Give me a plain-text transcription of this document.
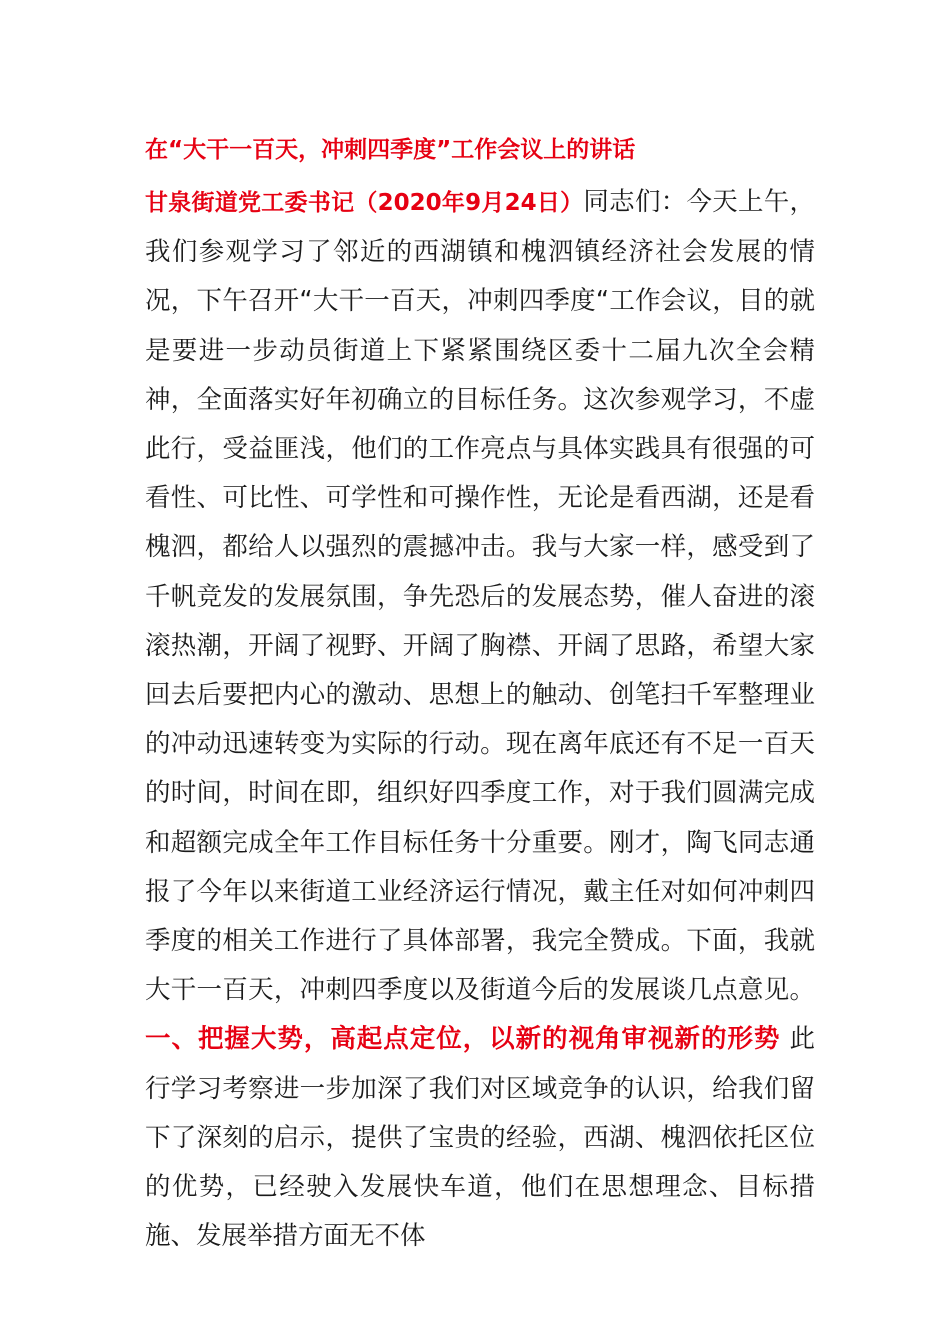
在“大干一百天，冲刺四季度”工作会议上的讲话
甘泉街道党工委书记（2020年9月24日）同志们：今天上午，我们参观学习了邻近的西湖镇和槐泗镇经济社会发展的情况，下午召开“大干一百天，冲刺四季度“工作会议，目的就是要进一步动员街道上下紧紧围绕区委十二届九次全会精神，全面落实好年初确立的目标任务。这次参观学习，不虚此行，受益匪浅，他们的工作亮点与具体实践具有很强的可看性、可比性、可学性和可操作性，无论是看西湖，还是看槐泗，都给人以强烈的震撼冲击。我与大家一样，感受到了千帆竞发的发展氛围，争先恐后的发展态势，催人奋进的滚滚热潮，开阔了视野、开阔了胸襟、开阔了思路，希望大家回去后要把内心的激动、思想上的触动、创笔扫千军整理业的冲动迅速转变为实际的行动。现在离年底还有不足一百天的时间，时间在即，组织好四季度工作，对于我们圆满完成和超额完成全年工作目标任务十分重要。刚才，陶飞同志通报了今年以来街道工业经济运行情况，戴主任对如何冲刺四季度的相关工作进行了具体部署，我完全赞成。下面，我就大干一百天，冲刺四季度以及街道今后的发展谈几点意见。 一、把握大势，高起点定位，以新的视角审视新的形势 此行学习考察进一步加深了我们对区域竞争的认识，给我们留下了深刻的启示，提供了宝贵的经验，西湖、槐泗依托区位的优势，已经驶入发展快车道，他们在思想理念、目标措施、发展举措方面无不体
